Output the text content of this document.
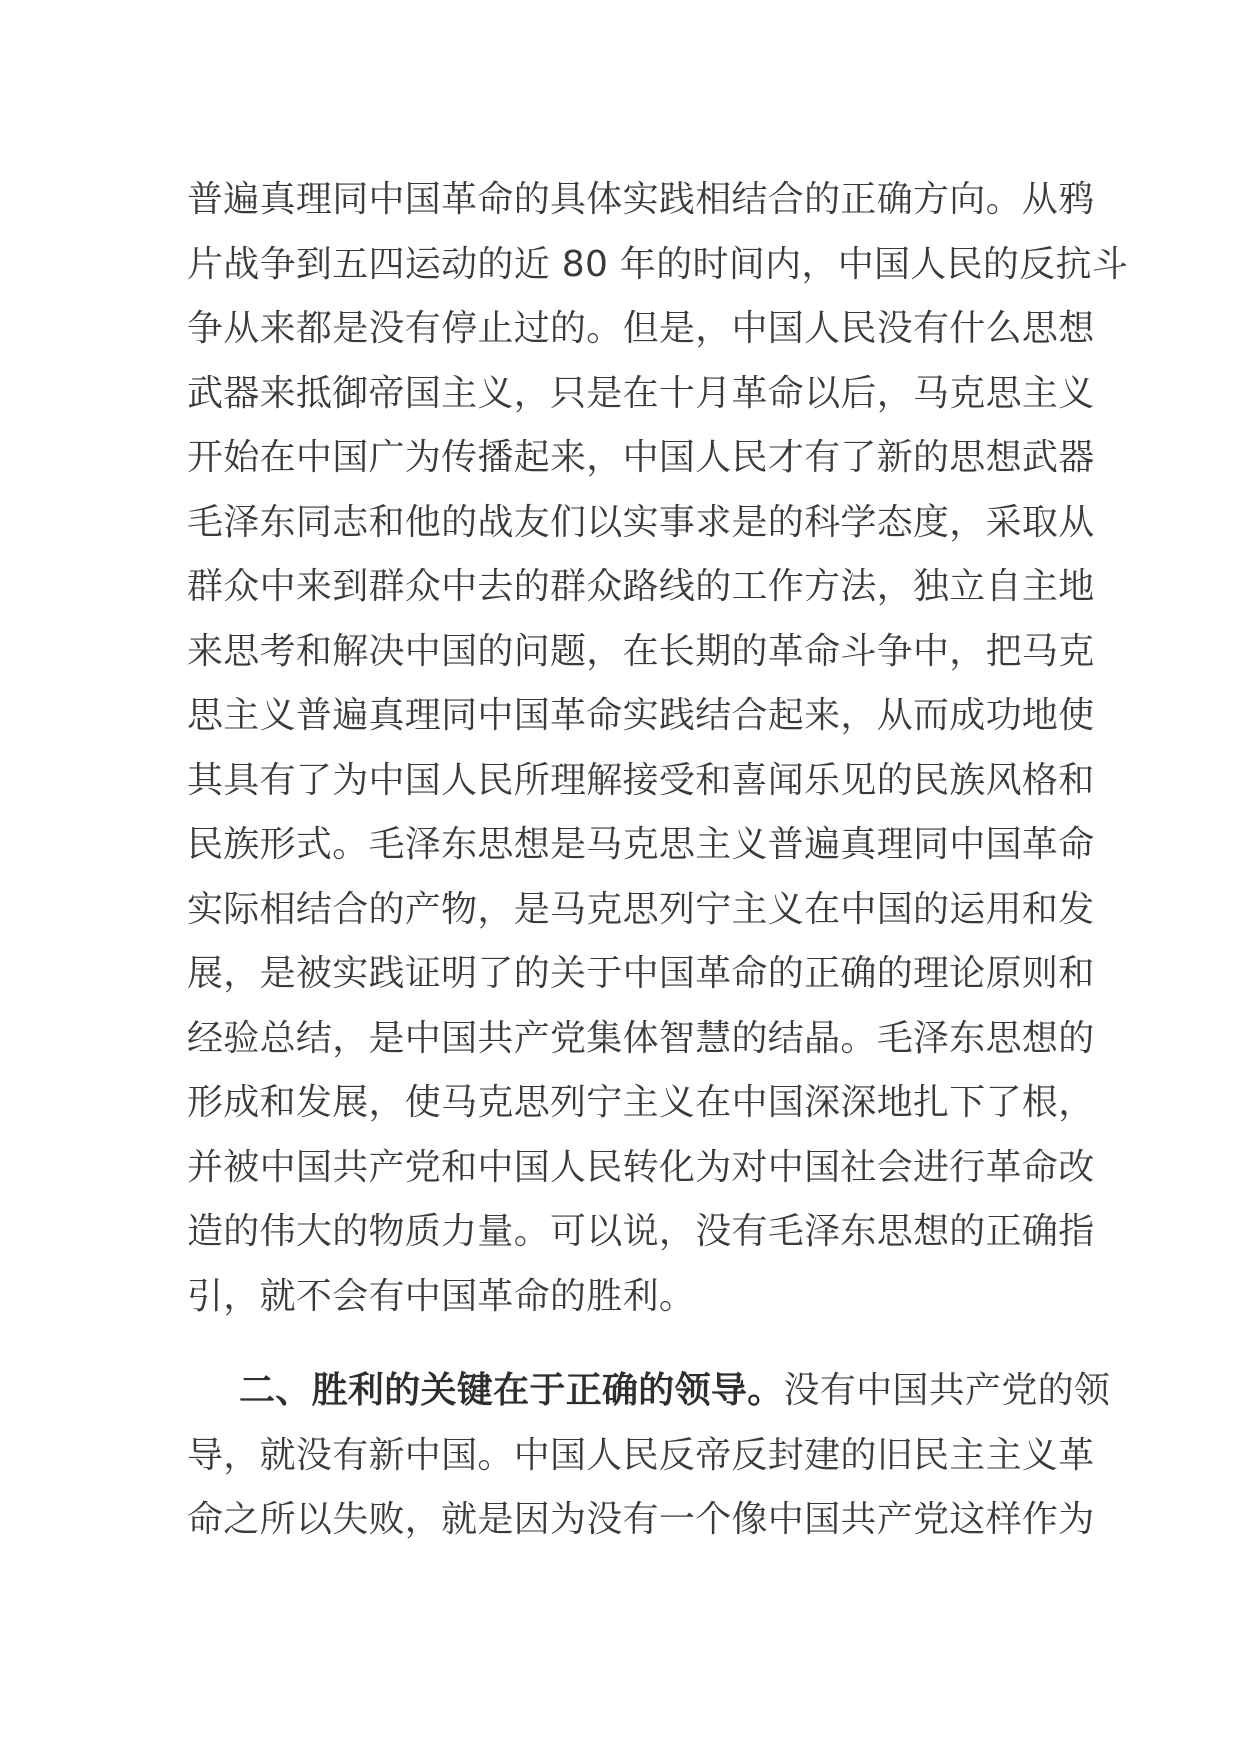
普遍真理同中国革命的具体实践相结合的正确方向。从鸦
片战争到五四运动的近 80 年的时间内，中国人民的反抗斗
争从来都是没有停止过的。但是，中国人民没有什么思想
武器来抵御帝国主义，只是在十月革命以后，马克思主义
开始在中国广为传播起来，中国人民才有了新的思想武器
毛泽东同志和他的战友们以实事求是的科学态度，采取从
群众中来到群众中去的群众路线的工作方法，独立自主地
来思考和解决中国的问题，在长期的革命斗争中，把马克
思主义普遍真理同中国革命实践结合起来，从而成功地使
其具有了为中国人民所理解接受和喜闻乐见的民族风格和
民族形式。毛泽东思想是马克思主义普遍真理同中国革命
实际相结合的产物，是马克思列宁主义在中国的运用和发
展，是被实践证明了的关于中国革命的正确的理论原则和
经验总结，是中国共产党集体智慧的结晶。毛泽东思想的
形成和发展，使马克思列宁主义在中国深深地扎下了根，
并被中国共产党和中国人民转化为对中国社会进行革命改
造的伟大的物质力量。可以说，没有毛泽东思想的正确指
引，就不会有中国革命的胜利。
二、胜利的关键在于正确的领导。没有中国共产党的领
导，就没有新中国。中国人民反帝反封建的旧民主主义革
命之所以失败，就是因为没有一个像中国共产党这样作为
